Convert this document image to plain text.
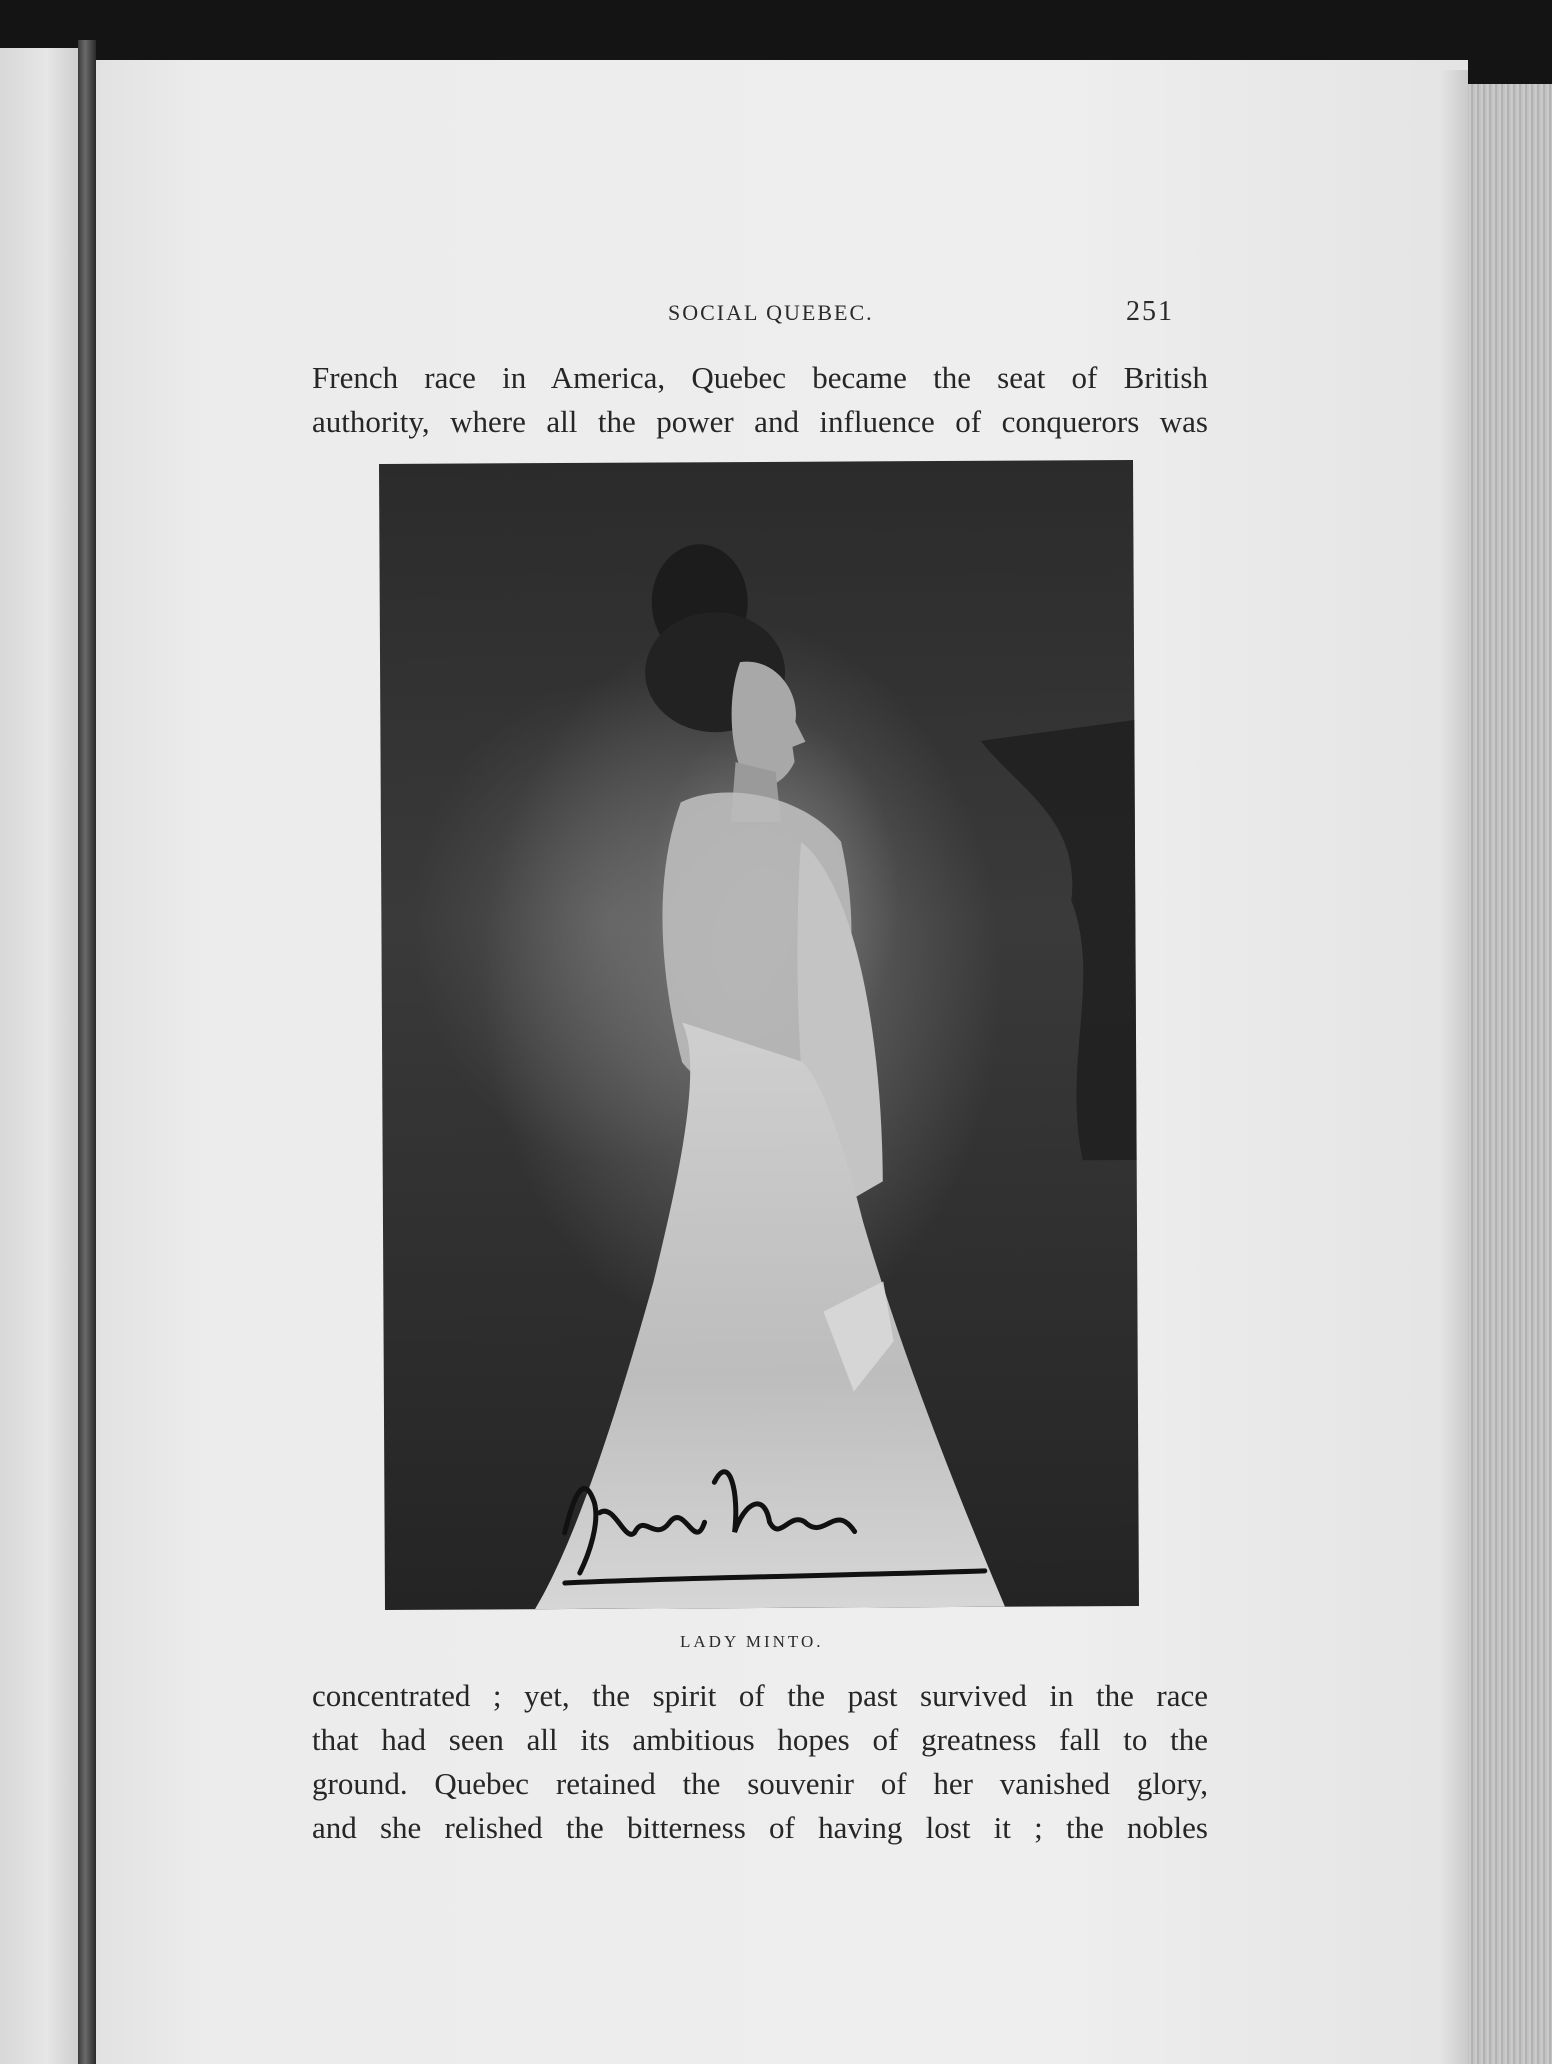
SOCIAL QUEBEC.	251

French race in America, Quebec became the seat of British

authority, where all the power and influence of conquerors was

LADY MINTO.

concentrated ; yet, the spirit of the past survived in the race

that had seen all its ambitious hopes of greatness fall to the

ground. Quebec retained the souvenir of her vanished glory,

and she relished the bitterness of having lost it ; the nobles
